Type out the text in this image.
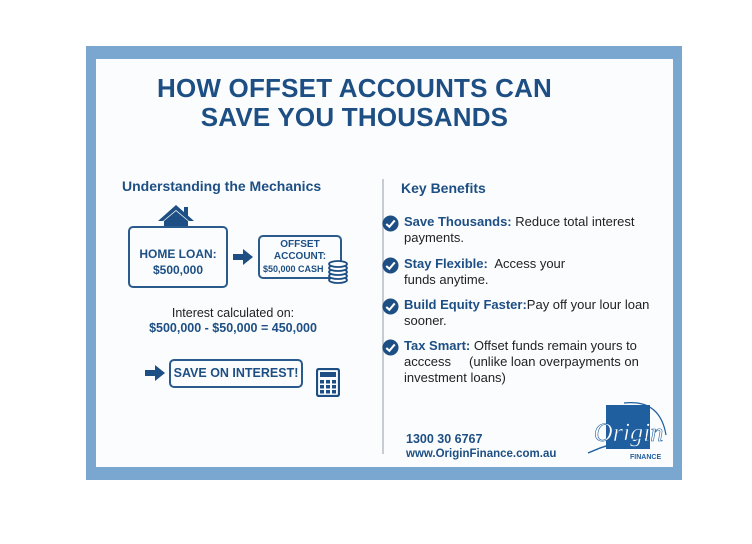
HOW OFFSET ACCOUNTS CAN
SAVE YOU THOUSANDS
Understanding the Mechanics
HOME LOAN:
$500,000
OFFSET
ACCOUNT:
$50,000 CASH
Interest calculated on:
$500,000 - $50,000 = 450,000
SAVE ON INTEREST!
Key Benefits
Save Thousands: Reduce total interest payments.
Stay Flexible:  Access your funds anytime.
Build Equity Faster:Pay off your lour loan sooner.
Tax Smart: Offset funds remain yours to acccess     (unlike loan overpayments on investment loans)
1300 30 6767
www.OriginFinance.com.au
Origin
FINANCE
